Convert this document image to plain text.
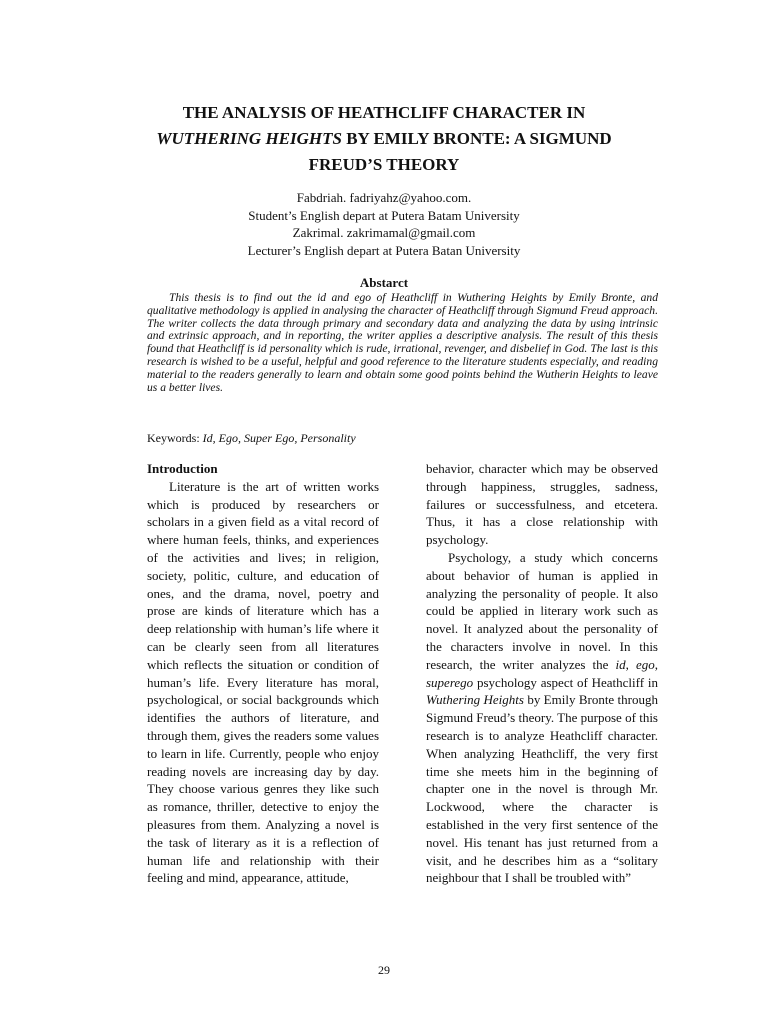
THE ANALYSIS OF HEATHCLIFF CHARACTER IN
WUTHERING HEIGHTS BY EMILY BRONTE: A SIGMUND
FREUD’S THEORY
Fabdriah. fadriyahz@yahoo.com.
Student’s English depart at Putera Batam University
Zakrimal. zakrimamal@gmail.com
Lecturer’s English depart at Putera Batan University
Abstarct

This thesis is to find out the id and ego of Heathcliff in Wuthering Heights by Emily Bronte, and qualitative methodology is applied in analysing the character of Heathcliff through Sigmund Freud approach. The writer collects the data through primary and secondary data and analyzing the data by using intrinsic and extrinsic approach, and in reporting, the writer applies a descriptive analysis. The result of this thesis found that Heathcliff is id personality which is rude, irrational, revenger, and disbelief in God. The last is this research is wished to be a useful, helpful and good reference to the literature students especially, and reading material to the readers generally to learn and obtain some good points behind the Wutherin Heights to leave us a better lives.

Keywords: Id, Ego, Super Ego, Personality
Introduction

Literature is the art of written works which is produced by researchers or scholars in a given field as a vital record of where human feels, thinks, and experiences of the activities and lives; in religion, society, politic, culture, and education of ones, and the drama, novel, poetry and prose are kinds of literature which has a deep relationship with human’s life where it can be clearly seen from all literatures which reflects the situation or condition of human’s life. Every literature has moral, psychological, or social backgrounds which identifies the authors of literature, and through them, gives the readers some values to learn in life. Currently, people who enjoy reading novels are increasing day by day. They choose various genres they like such as romance, thriller, detective to enjoy the pleasures from them. Analyzing a novel is the task of literary as it is a reflection of human life and relationship with their feeling and mind, appearance, attitude,

behavior, character which may be observed through happiness, struggles, sadness, failures or successfulness, and etcetera. Thus, it has a close relationship with psychology.

Psychology, a study which concerns about behavior of human is applied in analyzing the personality of people. It also could be applied in literary work such as novel. It analyzed about the personality of the characters involve in novel. In this research, the writer analyzes the id, ego, superego psychology aspect of Heathcliff in Wuthering Heights by Emily Bronte through Sigmund Freud’s theory. The purpose of this research is to analyze Heathcliff character. When analyzing Heathcliff, the very first time she meets him in the beginning of chapter one in the novel is through Mr. Lockwood, where the character is established in the very first sentence of the novel. His tenant has just returned from a visit, and he describes him as a “solitary neighbour that I shall be troubled with”

29
